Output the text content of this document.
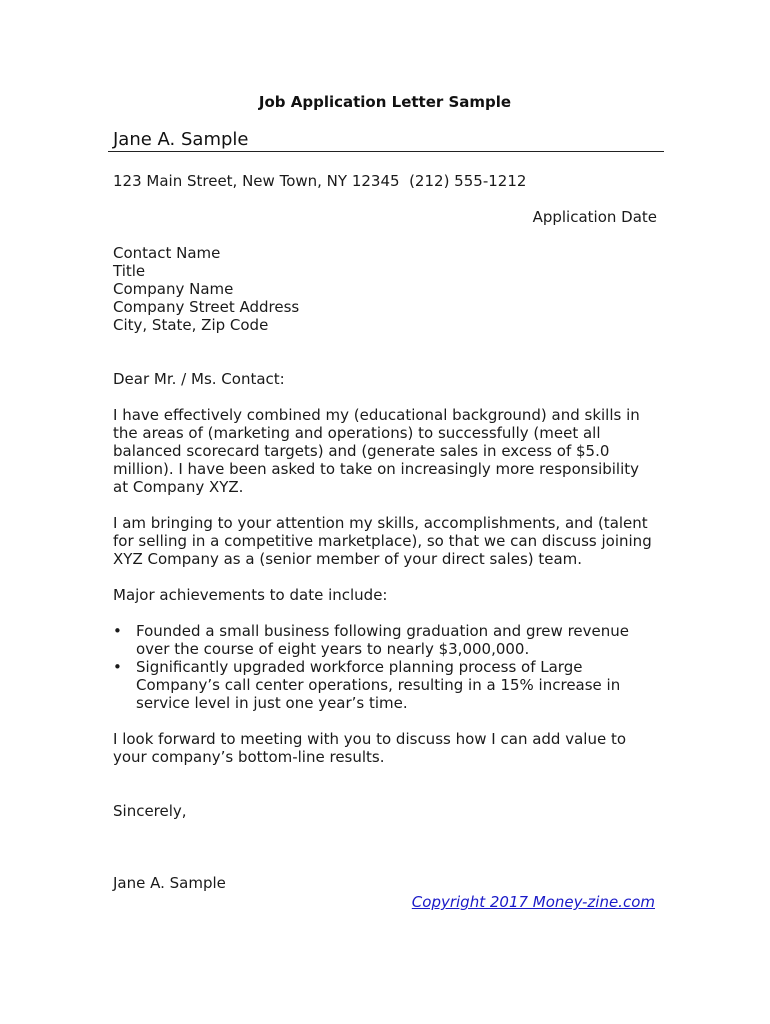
Job Application Letter Sample
Jane A. Sample
123 Main Street, New Town, NY 12345  (212) 555-1212
Application Date
Contact Name
Title
Company Name
Company Street Address
City, State, Zip Code
Dear Mr. / Ms. Contact:
I have effectively combined my (educational background) and skills in
the areas of (marketing and operations) to successfully (meet all
balanced scorecard targets) and (generate sales in excess of $5.0
million). I have been asked to take on increasingly more responsibility
at Company XYZ.
I am bringing to your attention my skills, accomplishments, and (talent
for selling in a competitive marketplace), so that we can discuss joining
XYZ Company as a (senior member of your direct sales) team.
Major achievements to date include:
• Founded a small business following graduation and grew revenue
over the course of eight years to nearly $3,000,000.
• Significantly upgraded workforce planning process of Large
Company’s call center operations, resulting in a 15% increase in
service level in just one year’s time.
I look forward to meeting with you to discuss how I can add value to
your company’s bottom-line results.
Sincerely,
Jane A. Sample
Copyright 2017 Money-zine.com
